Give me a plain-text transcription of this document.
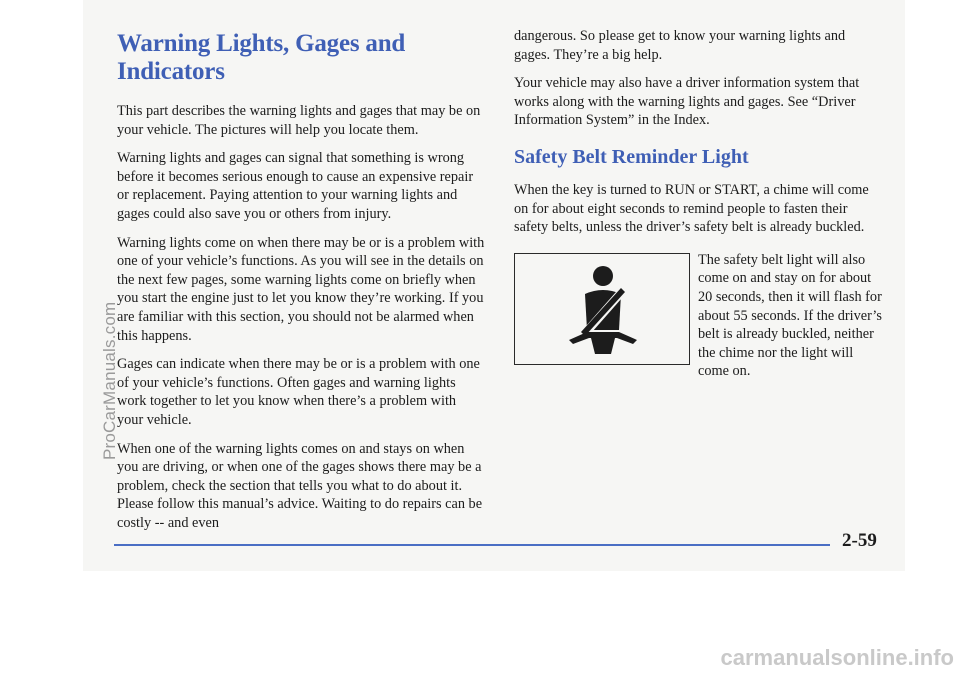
Warning Lights, Gages and Indicators

This part describes the warning lights and gages that may be on your vehicle. The pictures will help you locate them.

Warning lights and gages can signal that something is wrong before it becomes serious enough to cause an expensive repair or replacement. Paying attention to your warning lights and gages could also save you or others from injury.

Warning lights come on when there may be or is a problem with one of your vehicle’s functions. As you will see in the details on the next few pages, some warning lights come on briefly when you start the engine just to let you know they’re working. If you are familiar with this section, you should not be alarmed when this happens.

Gages can indicate when there may be or is a problem with one of your vehicle’s functions. Often gages and warning lights work together to let you know when there’s a problem with your vehicle.

When one of the warning lights comes on and stays on when you are driving, or when one of the gages shows there may be a problem, check the section that tells you what to do about it. Please follow this manual’s advice. Waiting to do repairs can be costly -- and even

dangerous. So please get to know your warning lights and gages. They’re a big help.

Your vehicle may also have a driver information system that works along with the warning lights and gages. See “Driver Information System” in the Index.

Safety Belt Reminder Light

When the key is turned to RUN or START, a chime will come on for about eight seconds to remind people to fasten their safety belts, unless the driver’s safety belt is already buckled.

The safety belt light will also come on and stay on for about 20 seconds, then it will flash for about 55 seconds. If the driver’s belt is already buckled, neither the chime nor the light will come on.

2-59
ProCarManuals.com
carmanualsonline.info
